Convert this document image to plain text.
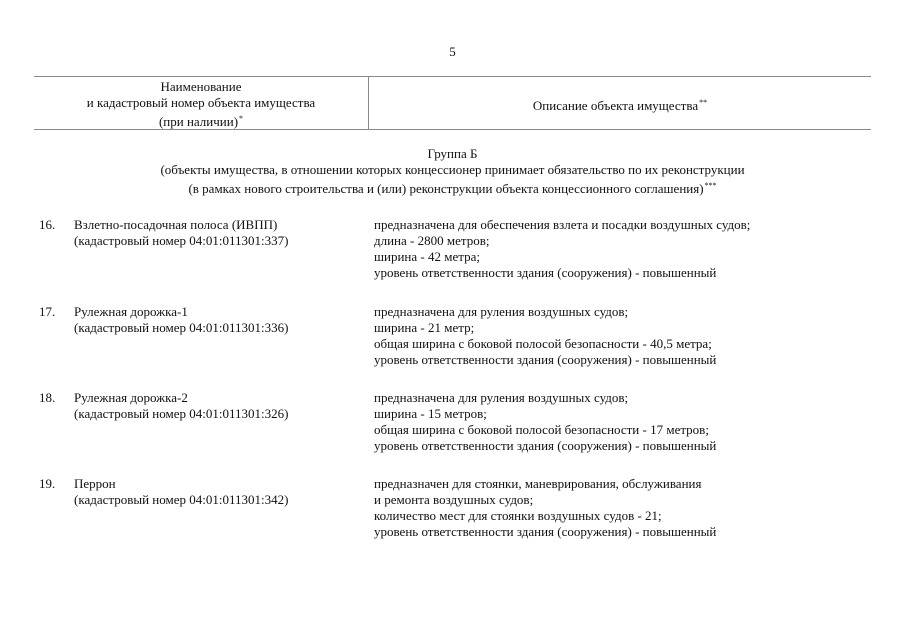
5
Наименование
и кадастровый номер объекта имущества
(при наличии)*
Описание объекта имущества**
Группа Б
(объекты имущества, в отношении которых концессионер принимает обязательство по их реконструкции
(в рамках нового строительства и (или) реконструкции объекта концессионного соглашения)***
16. Взлетно-посадочная полоса (ИВПП)
(кадастровый номер 04:01:011301:337)
предназначена для обеспечения взлета и посадки воздушных судов;
длина - 2800 метров;
ширина - 42 метра;
уровень ответственности здания (сооружения) - повышенный
17. Рулежная дорожка-1
(кадастровый номер 04:01:011301:336)
предназначена для руления воздушных судов;
ширина - 21 метр;
общая ширина с боковой полосой безопасности - 40,5 метра;
уровень ответственности здания (сооружения) - повышенный
18. Рулежная дорожка-2
(кадастровый номер 04:01:011301:326)
предназначена для руления воздушных судов;
ширина - 15 метров;
общая ширина с боковой полосой безопасности - 17 метров;
уровень ответственности здания (сооружения) - повышенный
19. Перрон
(кадастровый номер 04:01:011301:342)
предназначен для стоянки, маневрирования, обслуживания
и ремонта воздушных судов;
количество мест для стоянки воздушных судов - 21;
уровень ответственности здания (сооружения) - повышенный
